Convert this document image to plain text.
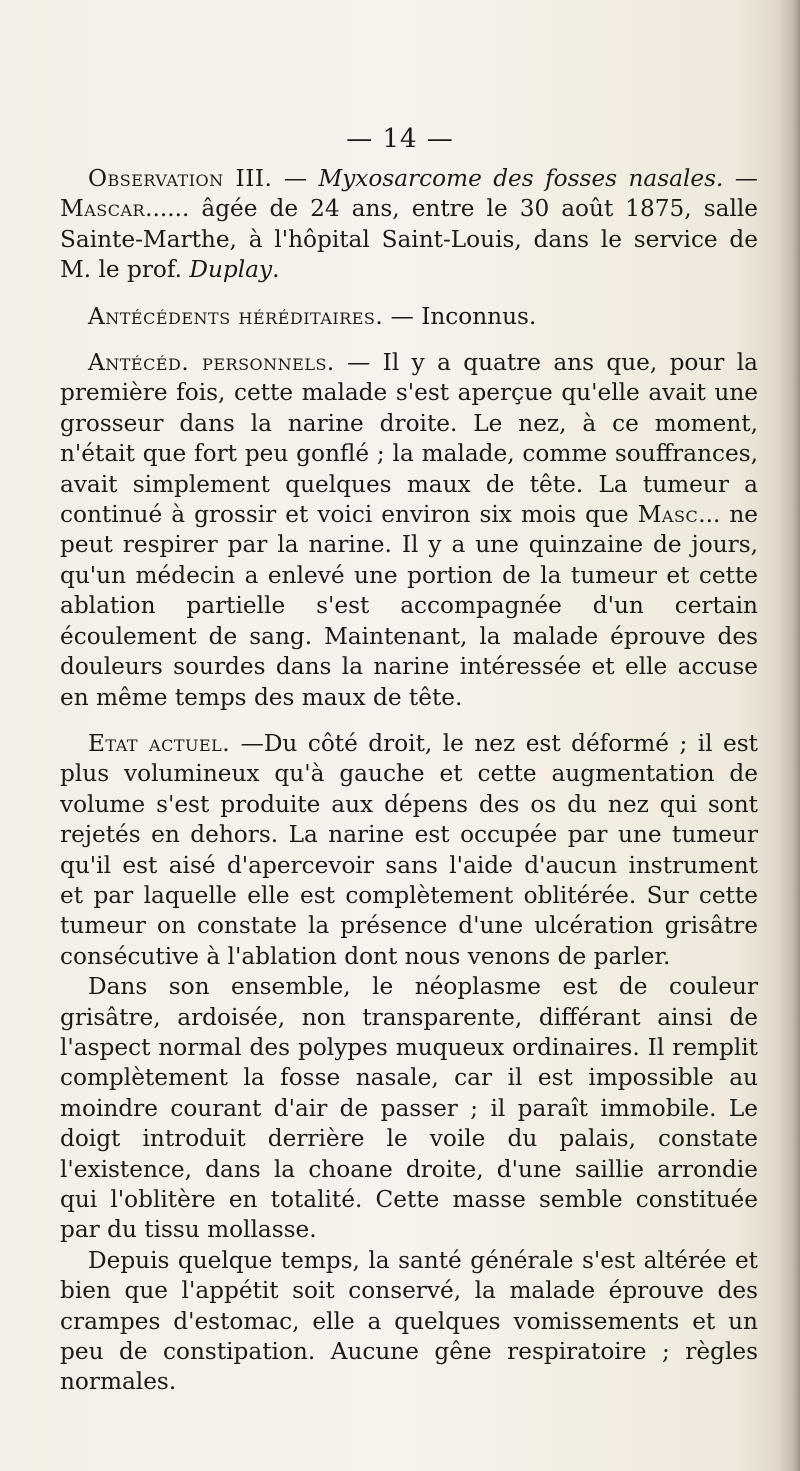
— 14 —

Observation III. — Myxosarcome des fosses nasales. — Mascar...... âgée de 24 ans, entre le 30 août 1875, salle Sainte-Marthe, à l'hôpital Saint-Louis, dans le service de M. le prof. Duplay.

Antécédents héréditaires. — Inconnus.

Antécéd. personnels. — Il y a quatre ans que, pour la première fois, cette malade s'est aperçue qu'elle avait une grosseur dans la narine droite. Le nez, à ce moment, n'était que fort peu gonflé ; la malade, comme souffrances, avait simplement quelques maux de tête. La tumeur a continué à grossir et voici environ six mois que Masc... ne peut respirer par la narine. Il y a une quinzaine de jours, qu'un médecin a enlevé une portion de la tumeur et cette ablation partielle s'est accompagnée d'un certain écoulement de sang. Maintenant, la malade éprouve des douleurs sourdes dans la narine intéressée et elle accuse en même temps des maux de tête.

Etat actuel. —Du côté droit, le nez est déformé ; il est plus volumineux qu'à gauche et cette augmentation de volume s'est produite aux dépens des os du nez qui sont rejetés en dehors. La narine est occupée par une tumeur qu'il est aisé d'apercevoir sans l'aide d'aucun instrument et par laquelle elle est complètement oblitérée. Sur cette tumeur on constate la présence d'une ulcération grisâtre consécutive à l'ablation dont nous venons de parler.

Dans son ensemble, le néoplasme est de couleur grisâtre, ardoisée, non transparente, différant ainsi de l'aspect normal des polypes muqueux ordinaires. Il remplit complètement la fosse nasale, car il est impossible au moindre courant d'air de passer ; il paraît immobile. Le doigt introduit derrière le voile du palais, constate l'existence, dans la choane droite, d'une saillie arrondie qui l'oblitère en totalité. Cette masse semble constituée par du tissu mollasse.

Depuis quelque temps, la santé générale s'est altérée et bien que l'appétit soit conservé, la malade éprouve des crampes d'estomac, elle a quelques vomissements et un peu de constipation. Aucune gêne respiratoire ; règles normales.
